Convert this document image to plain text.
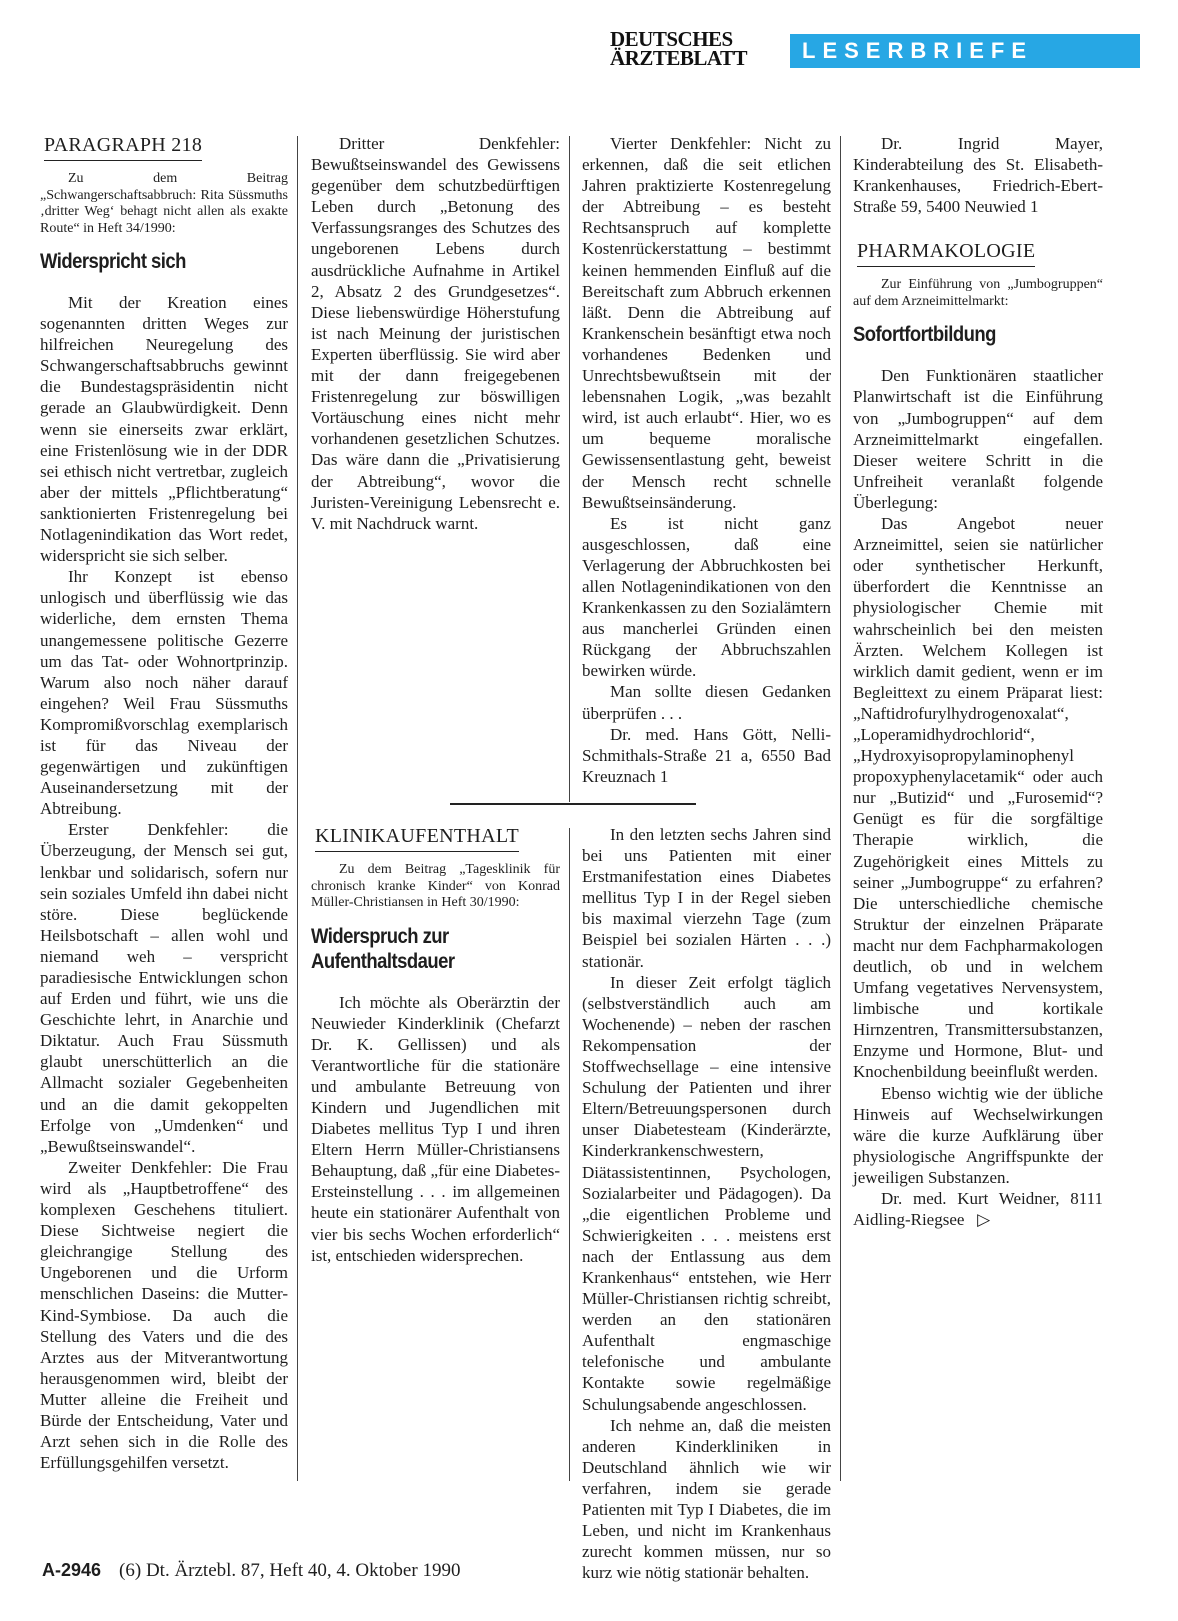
DEUTSCHES
ÄRZTEBLATT	LESERBRIEFE
PARAGRAPH 218
Zu dem Beitrag „Schwangerschaftsabbruch: Rita Süssmuths ‚dritter Weg‘ behagt nicht allen als exakte Route“ in Heft 34/1990:
Widerspricht sich

Mit der Kreation eines sogenannten dritten Weges zur hilfreichen Neuregelung des Schwangerschaftsabbruchs gewinnt die Bundestagspräsidentin nicht gerade an Glaubwürdigkeit. Denn wenn sie einerseits zwar erklärt, eine Fristenlösung wie in der DDR sei ethisch nicht vertretbar, zugleich aber der mittels „Pflichtberatung“ sanktionierten Fristenregelung bei Notlagenindikation das Wort redet, widerspricht sie sich selber.

Ihr Konzept ist ebenso unlogisch und überflüssig wie das widerliche, dem ernsten Thema unangemessene politische Gezerre um das Tat- oder Wohnortprinzip. Warum also noch näher darauf eingehen? Weil Frau Süssmuths Kompromißvorschlag exemplarisch ist für das Niveau der gegenwärtigen und zukünftigen Auseinandersetzung mit der Abtreibung.

Erster Denkfehler: die Überzeugung, der Mensch sei gut, lenkbar und solidarisch, sofern nur sein soziales Umfeld ihn dabei nicht störe. Diese beglückende Heilsbotschaft – allen wohl und niemand weh – verspricht paradiesische Entwicklungen schon auf Erden und führt, wie uns die Geschichte lehrt, in Anarchie und Diktatur. Auch Frau Süssmuth glaubt unerschütterlich an die Allmacht sozialer Gegebenheiten und an die damit gekoppelten Erfolge von „Umdenken“ und „Bewußtseinswandel“.

Zweiter Denkfehler: Die Frau wird als „Hauptbetroffene“ des komplexen Geschehens tituliert. Diese Sichtweise negiert die gleichrangige Stellung des Ungeborenen und die Urform menschlichen Daseins: die Mutter-Kind-Symbiose. Da auch die Stellung des Vaters und die des Arztes aus der Mitverantwortung herausgenommen wird, bleibt der Mutter alleine die Freiheit und Bürde der Entscheidung, Vater und Arzt sehen sich in die Rolle des Erfüllungsgehilfen versetzt.

Dritter Denkfehler: Bewußtseinswandel des Gewissens gegenüber dem schutzbedürftigen Leben durch „Betonung des Verfassungsranges des Schutzes des ungeborenen Lebens durch ausdrückliche Aufnahme in Artikel 2, Absatz 2 des Grundgesetzes“. Diese liebenswürdige Höherstufung ist nach Meinung der juristischen Experten überflüssig. Sie wird aber mit der dann freigegebenen Fristenregelung zur böswilligen Vortäuschung eines nicht mehr vorhandenen gesetzlichen Schutzes. Das wäre dann die „Privatisierung der Abtreibung“, wovor die Juristen-Vereinigung Lebensrecht e. V. mit Nachdruck warnt.

Vierter Denkfehler: Nicht zu erkennen, daß die seit etlichen Jahren praktizierte Kostenregelung der Abtreibung – es besteht Rechtsanspruch auf komplette Kostenrückerstattung – bestimmt keinen hemmenden Einfluß auf die Bereitschaft zum Abbruch erkennen läßt. Denn die Abtreibung auf Krankenschein besänftigt etwa noch vorhandenes Bedenken und Unrechtsbewußtsein mit der lebensnahen Logik, „was bezahlt wird, ist auch erlaubt“. Hier, wo es um bequeme moralische Gewissensentlastung geht, beweist der Mensch recht schnelle Bewußtseinsänderung.

Es ist nicht ganz ausgeschlossen, daß eine Verlagerung der Abbruchkosten bei allen Notlagenindikationen von den Krankenkassen zu den Sozialämtern aus mancherlei Gründen einen Rückgang der Abbruchszahlen bewirken würde.

Man sollte diesen Gedanken überprüfen . . .

Dr. med. Hans Gött, Nelli-Schmithals-Straße 21 a, 6550 Bad Kreuznach 1

KLINIKAUFENTHALT
Zu dem Beitrag „Tagesklinik für chronisch kranke Kinder“ von Konrad Müller-Christiansen in Heft 30/1990:
Widerspruch zur
Aufenthaltsdauer

Ich möchte als Oberärztin der Neuwieder Kinderklinik (Chefarzt Dr. K. Gellissen) und als Verantwortliche für die stationäre und ambulante Betreuung von Kindern und Jugendlichen mit Diabetes mellitus Typ I und ihren Eltern Herrn Müller-Christiansens Behauptung, daß „für eine Diabetes-Ersteinstellung . . . im allgemeinen heute ein stationärer Aufenthalt von vier bis sechs Wochen erforderlich“ ist, entschieden widersprechen.

In den letzten sechs Jahren sind bei uns Patienten mit einer Erstmanifestation eines Diabetes mellitus Typ I in der Regel sieben bis maximal vierzehn Tage (zum Beispiel bei sozialen Härten . . .) stationär.

In dieser Zeit erfolgt täglich (selbstverständlich auch am Wochenende) – neben der raschen Rekompensation der Stoffwechsellage – eine intensive Schulung der Patienten und ihrer Eltern/Betreuungspersonen durch unser Diabetesteam (Kinderärzte, Kinderkrankenschwestern, Diätassistentinnen, Psychologen, Sozialarbeiter und Pädagogen). Da „die eigentlichen Probleme und Schwierigkeiten . . . meistens erst nach der Entlassung aus dem Krankenhaus“ entstehen, wie Herr Müller-Christiansen richtig schreibt, werden an den stationären Aufenthalt engmaschige telefonische und ambulante Kontakte sowie regelmäßige Schulungsabende angeschlossen.

Ich nehme an, daß die meisten anderen Kinderkliniken in Deutschland ähnlich wie wir verfahren, indem sie gerade Patienten mit Typ I Diabetes, die im Leben, und nicht im Krankenhaus zurecht kommen müssen, nur so kurz wie nötig stationär behalten.

Dr. Ingrid Mayer, Kinderabteilung des St. Elisabeth-Krankenhauses, Friedrich-Ebert-Straße 59, 5400 Neuwied 1

PHARMAKOLOGIE
Zur Einführung von „Jumbogruppen“ auf dem Arzneimittelmarkt:
Sofortfortbildung

Den Funktionären staatlicher Planwirtschaft ist die Einführung von „Jumbogruppen“ auf dem Arzneimittelmarkt eingefallen. Dieser weitere Schritt in die Unfreiheit veranlaßt folgende Überlegung:

Das Angebot neuer Arzneimittel, seien sie natürlicher oder synthetischer Herkunft, überfordert die Kenntnisse an physiologischer Chemie mit wahrscheinlich bei den meisten Ärzten. Welchem Kollegen ist wirklich damit gedient, wenn er im Begleittext zu einem Präparat liest: „Naftidrofurylhydrogenoxalat“, „Loperamidhydrochlorid“, „Hydroxyisopropylaminophenyl propoxyphenylacetamik“ oder auch nur „Butizid“ und „Furosemid“? Genügt es für die sorgfältige Therapie wirklich, die Zugehörigkeit eines Mittels zu seiner „Jumbogruppe“ zu erfahren? Die unterschiedliche chemische Struktur der einzelnen Präparate macht nur dem Fachpharmakologen deutlich, ob und in welchem Umfang vegetatives Nervensystem, limbische und kortikale Hirnzentren, Transmittersubstanzen, Enzyme und Hormone, Blut- und Knochenbildung beeinflußt werden.

Ebenso wichtig wie der übliche Hinweis auf Wechselwirkungen wäre die kurze Aufklärung über physiologische Angriffspunkte der jeweiligen Substanzen.

Dr. med. Kurt Weidner, 8111 Aidling-Riegsee ▷

A-2946 (6) Dt. Ärztebl. 87, Heft 40, 4. Oktober 1990
